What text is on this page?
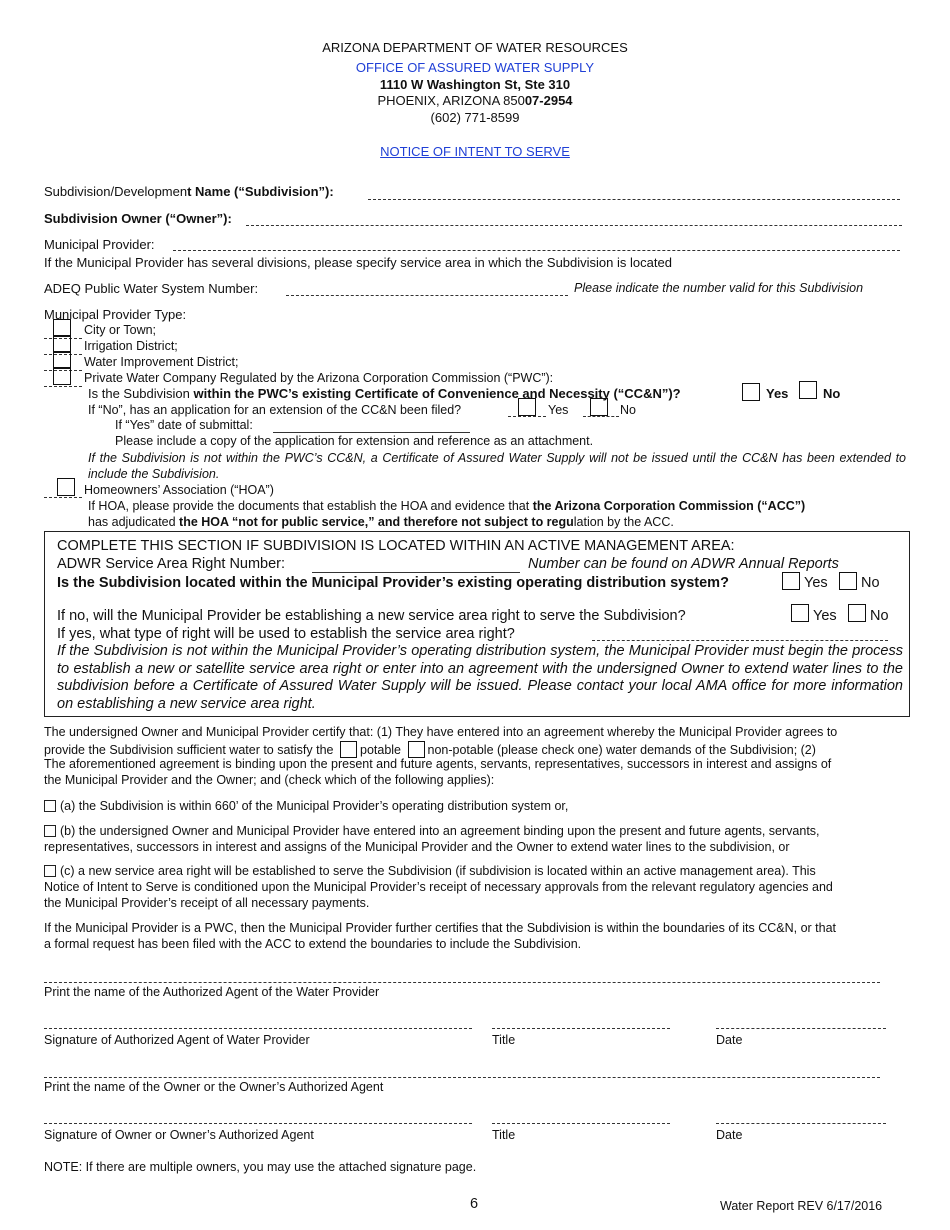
ARIZONA DEPARTMENT OF WATER RESOURCES
OFFICE OF ASSURED WATER SUPPLY
1110 W Washington St, Ste 310
PHOENIX, ARIZONA 85007-2954
(602) 771-8599
NOTICE OF INTENT TO SERVE
Subdivision/Development Name (“Subdivision”):
Subdivision Owner (“Owner”):
Municipal Provider:
If the Municipal Provider has several divisions, please specify service area in which the Subdivision is located
ADEQ Public Water System Number:	Please indicate the number valid for this Subdivision
Municipal Provider Type:
City or Town;
Irrigation District;
Water Improvement District;
Private Water Company Regulated by the Arizona Corporation Commission (“PWC”):
Is the Subdivision within the PWC’s existing Certificate of Convenience and Necessity (“CC&N”)?	Yes	No
If “No”, has an application for an extension of the CC&N been filed?	Yes	No
If “Yes” date of submittal:
Please include a copy of the application for extension and reference as an attachment.
If the Subdivision is not within the PWC’s CC&N, a Certificate of Assured Water Supply will not be issued until the CC&N has been extended to include the Subdivision.
Homeowners’ Association (“HOA”)
If HOA, please provide the documents that establish the HOA and evidence that the Arizona Corporation Commission (“ACC”)
has adjudicated the HOA “not for public service,” and therefore not subject to regulation by the ACC.
COMPLETE THIS SECTION IF SUBDIVISION IS LOCATED WITHIN AN ACTIVE MANAGEMENT AREA:
ADWR Service Area Right Number:	Number can be found on ADWR Annual Reports
Is the Subdivision located within the Municipal Provider’s existing operating distribution system?	Yes No
If no, will the Municipal Provider be establishing a new service area right to serve the Subdivision?	Yes No
If yes, what type of right will be used to establish the service area right?
If the Subdivision is not within the Municipal Provider’s operating distribution system, the Municipal Provider must begin the process to establish a new or satellite service area right or enter into an agreement with the undersigned Owner to extend water lines to the subdivision before a Certificate of Assured Water Supply will be issued. Please contact your local AMA office for more information on establishing a new service area right.
The undersigned Owner and Municipal Provider certify that: (1) They have entered into an agreement whereby the Municipal Provider agrees to
provide the Subdivision sufficient water to satisfy the potable non-potable (please check one) water demands of the Subdivision; (2)
The aforementioned agreement is binding upon the present and future agents, servants, representatives, successors in interest and assigns of
the Municipal Provider and the Owner; and (check which of the following applies):
(a) the Subdivision is within 660’ of the Municipal Provider’s operating distribution system or,
(b) the undersigned Owner and Municipal Provider have entered into an agreement binding upon the present and future agents, servants, representatives, successors in interest and assigns of the Municipal Provider and the Owner to extend water lines to the subdivision, or
(c) a new service area right will be established to serve the Subdivision (if subdivision is located within an active management area). This
Notice of Intent to Serve is conditioned upon the Municipal Provider’s receipt of necessary approvals from the relevant regulatory agencies and
the Municipal Provider’s receipt of all necessary payments.
If the Municipal Provider is a PWC, then the Municipal Provider further certifies that the Subdivision is within the boundaries of its CC&N, or that
a formal request has been filed with the ACC to extend the boundaries to include the Subdivision.
Print the name of the Authorized Agent of the Water Provider
Signature of Authorized Agent of Water Provider	Title	Date
Print the name of the Owner or the Owner’s Authorized Agent
Signature of Owner or Owner’s Authorized Agent	Title	Date
NOTE: If there are multiple owners, you may use the attached signature page.
6	Water Report REV 6/17/2016
